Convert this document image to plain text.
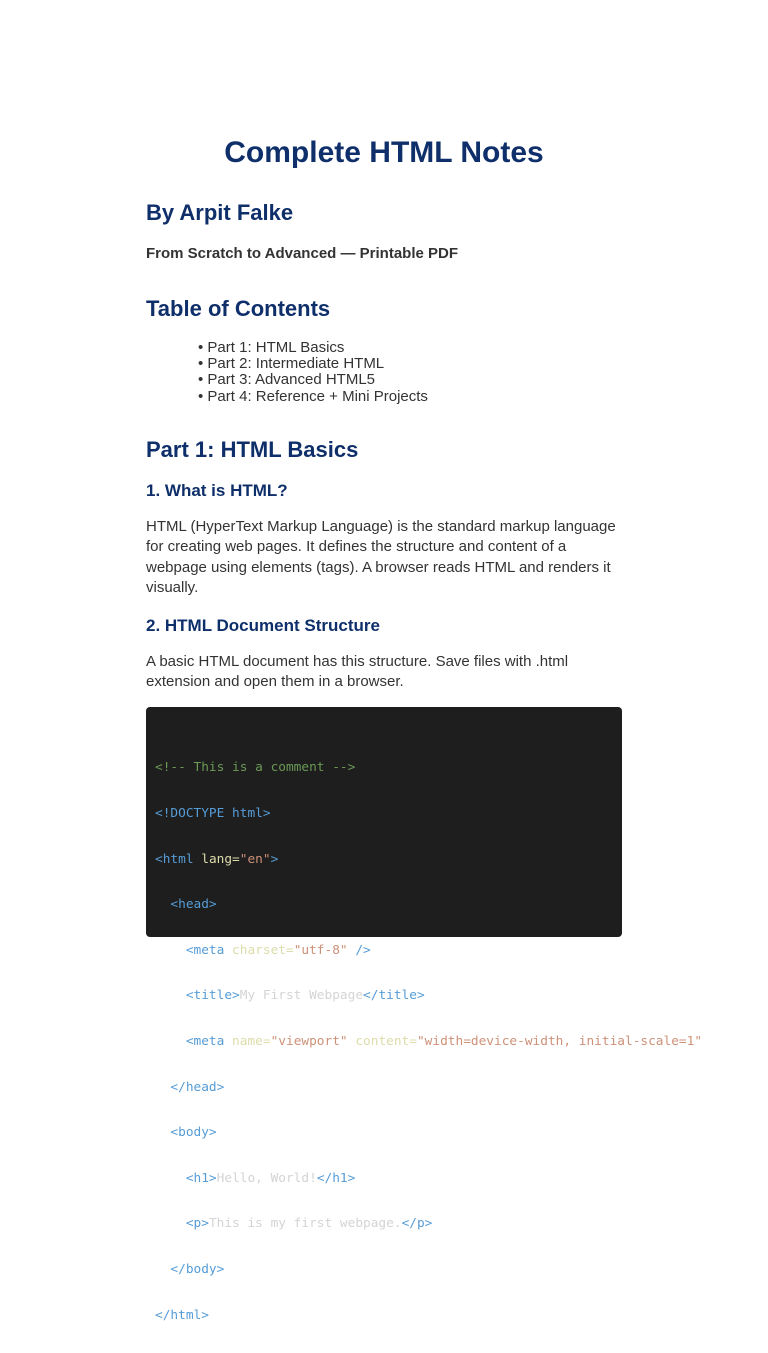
Complete HTML Notes
By Arpit Falke

From Scratch to Advanced — Printable PDF

Table of Contents
• Part 1: HTML Basics
• Part 2: Intermediate HTML
• Part 3: Advanced HTML5
• Part 4: Reference + Mini Projects
Part 1: HTML Basics
1. What is HTML?

HTML (HyperText Markup Language) is the standard markup language for creating web pages. It defines the structure and content of a webpage using elements (tags). A browser reads HTML and renders it visually.

2. HTML Document Structure

A basic HTML document has this structure. Save files with .html extension and open them in a browser.

<!-- This is a comment -->

<!DOCTYPE html>

<html lang="en">

<head>

<meta charset="utf-8" />

<title>My First Webpage</title>

<meta name="viewport" content="width=device-width, initial-scale=1"

</head>

<body>

<h1>Hello, World!</h1>

<p>This is my first webpage.</p>

</body>

</html>
